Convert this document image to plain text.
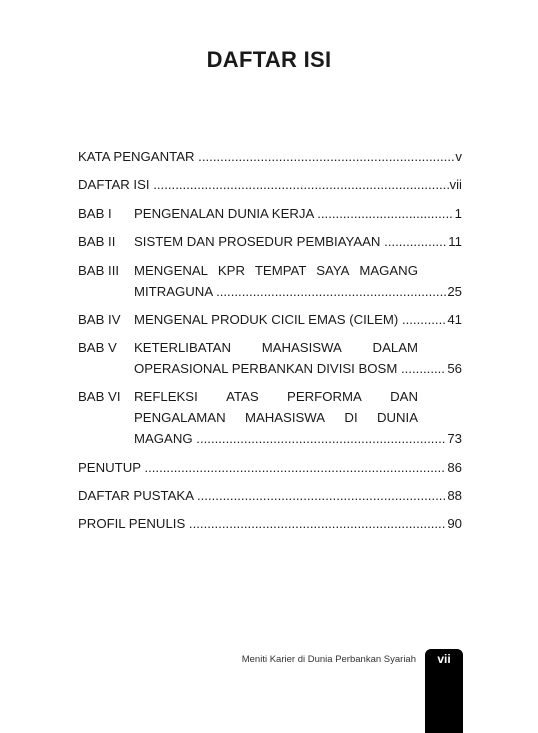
DAFTAR ISI
KATA PENGANTAR .....	v
DAFTAR ISI .....	vii
BAB I	PENGENALAN DUNIA KERJA .....	1
BAB II	SISTEM DAN PROSEDUR PEMBIAYAAN .....	11
BAB III	MENGENAL KPR TEMPAT SAYA MAGANG
MITRAGUNA .....	25
BAB IV	MENGENAL PRODUK CICIL EMAS (CILEM) .....	41
BAB V	KETERLIBATAN MAHASISWA DALAM
OPERASIONAL PERBANKAN DIVISI BOSM .....	56
BAB VI	REFLEKSI ATAS PERFORMA DAN
PENGALAMAN MAHASISWA DI DUNIA
MAGANG .....	73
PENUTUP .....	86
DAFTAR PUSTAKA .....	88
PROFIL PENULIS .....	90
Meniti Karier di Dunia Perbankan Syariah	vii
